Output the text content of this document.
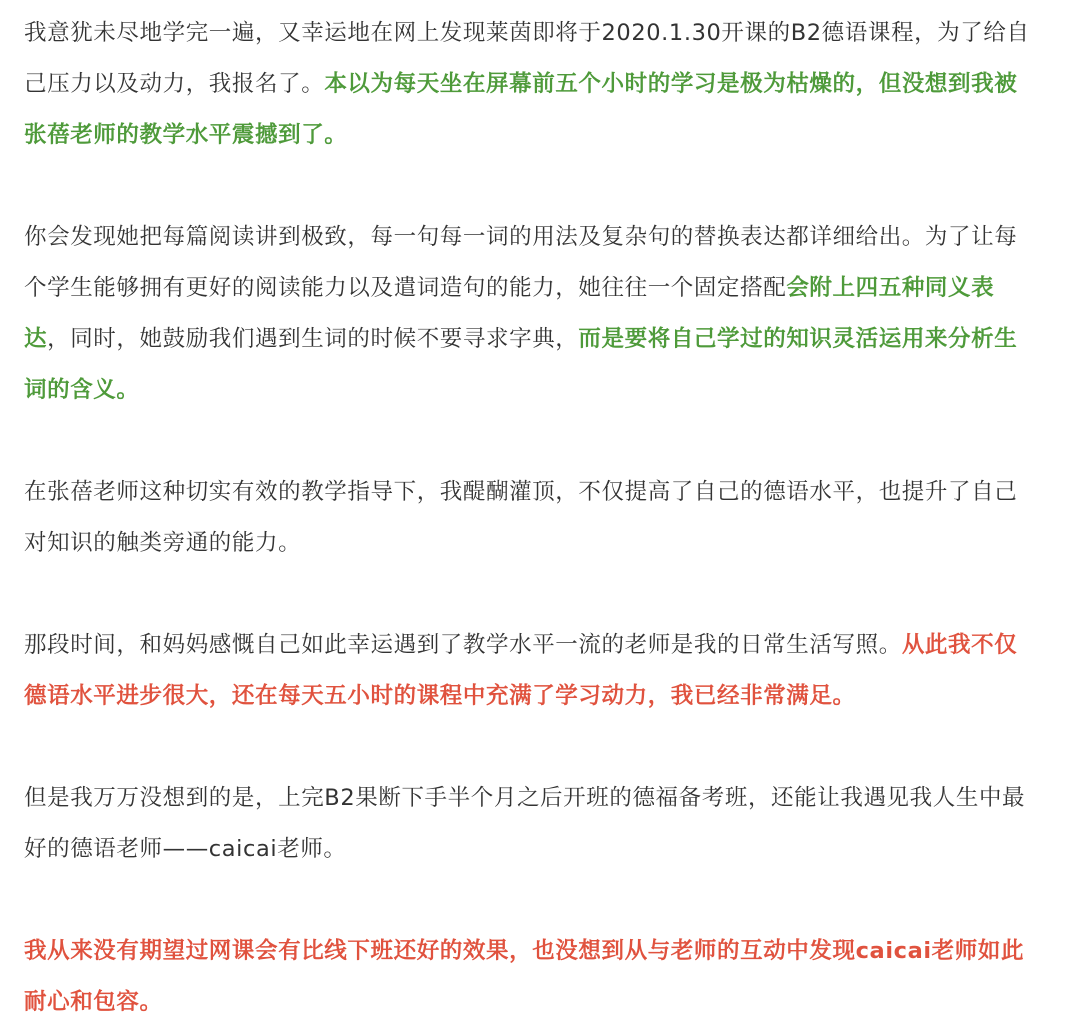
我意犹未尽地学完一遍，又幸运地在网上发现莱茵即将于2020.1.30开课的B2德语课程，为了给自己压力以及动力，我报名了。本以为每天坐在屏幕前五个小时的学习是极为枯燥的，但没想到我被张蓓老师的教学水平震撼到了。

你会发现她把每篇阅读讲到极致，每一句每一词的用法及复杂句的替换表达都详细给出。为了让每个学生能够拥有更好的阅读能力以及遣词造句的能力，她往往一个固定搭配会附上四五种同义表达，同时，她鼓励我们遇到生词的时候不要寻求字典，而是要将自己学过的知识灵活运用来分析生词的含义。

在张蓓老师这种切实有效的教学指导下，我醍醐灌顶，不仅提高了自己的德语水平，也提升了自己对知识的触类旁通的能力。

那段时间，和妈妈感慨自己如此幸运遇到了教学水平一流的老师是我的日常生活写照。从此我不仅德语水平进步很大，还在每天五小时的课程中充满了学习动力，我已经非常满足。

但是我万万没想到的是，上完B2果断下手半个月之后开班的德福备考班，还能让我遇见我人生中最好的德语老师——caicai老师。

我从来没有期望过网课会有比线下班还好的效果，也没想到从与老师的互动中发现caicai老师如此耐心和包容。
